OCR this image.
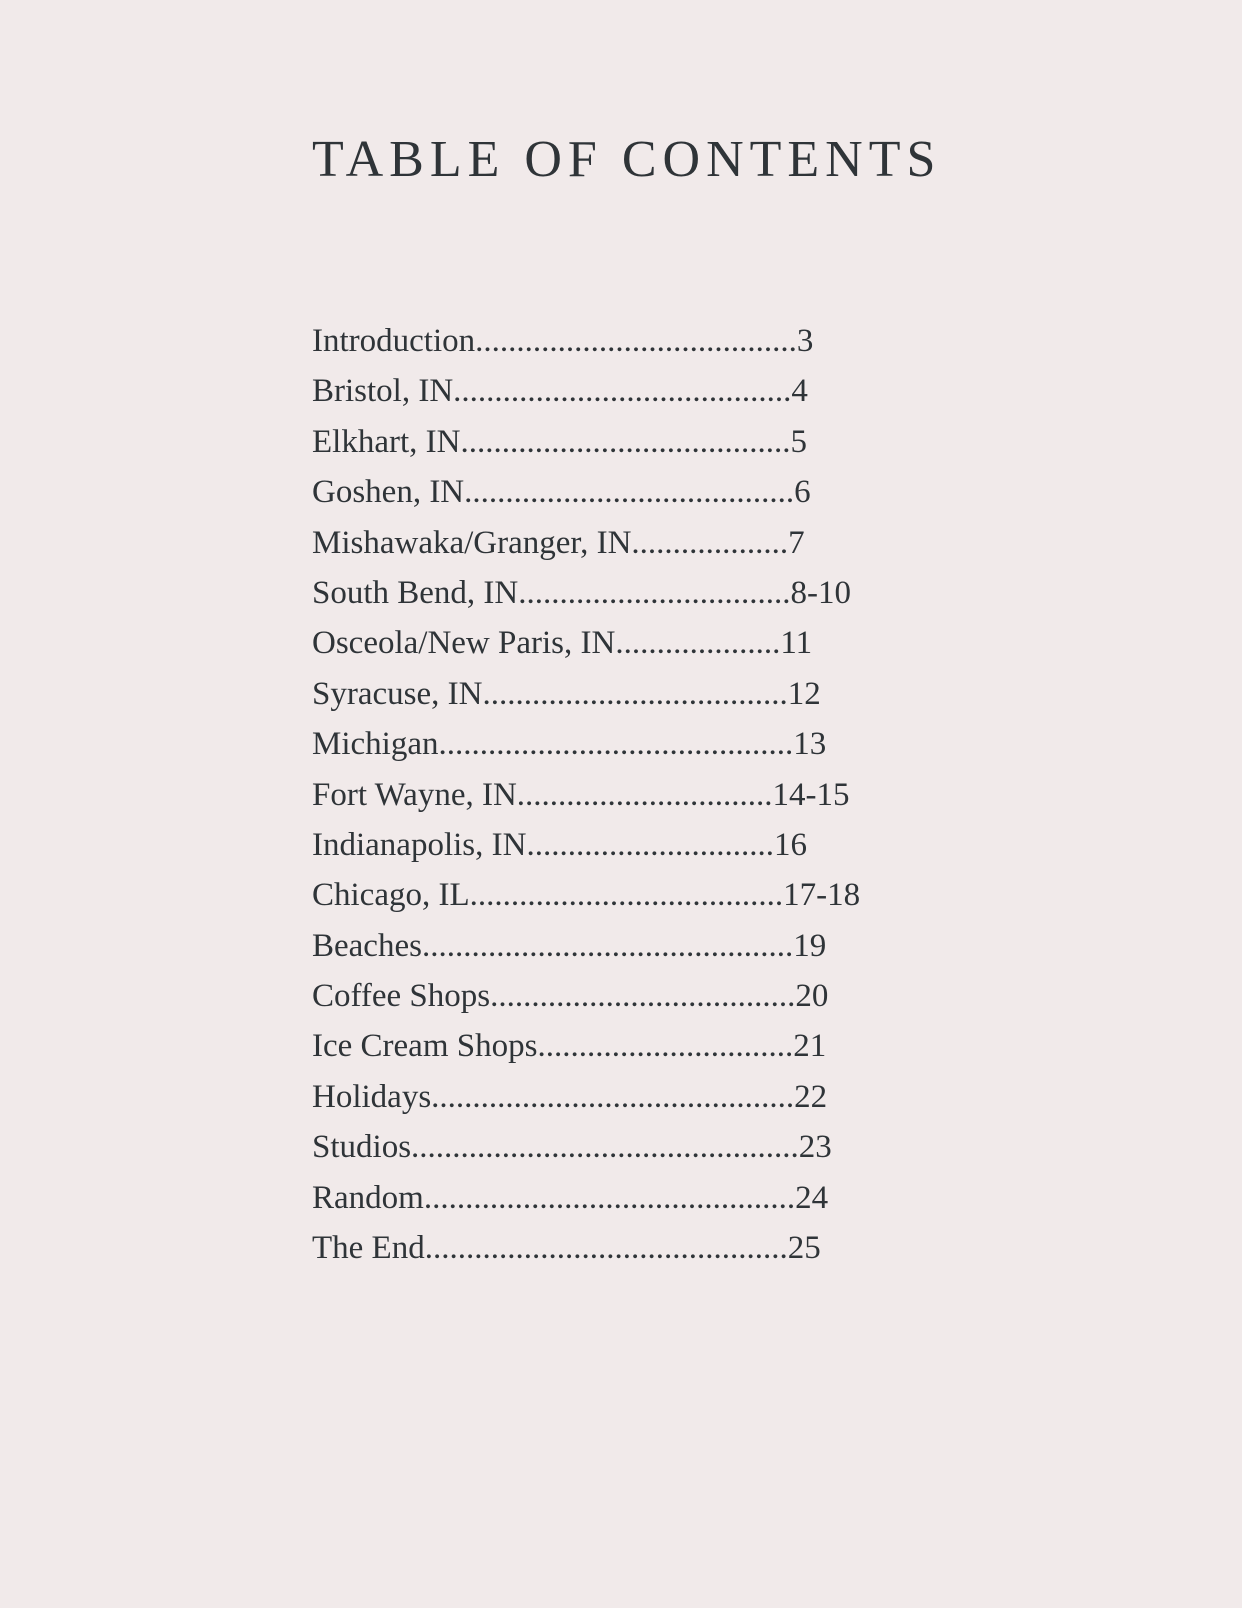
TABLE OF CONTENTS
Introduction.......................................3
Bristol, IN.........................................4
Elkhart, IN........................................5
Goshen, IN........................................6
Mishawaka/Granger, IN...................7
South Bend, IN.................................8-10
Osceola/New Paris, IN....................11
Syracuse, IN.....................................12
Michigan...........................................13
Fort Wayne, IN...............................14-15
Indianapolis, IN..............................16
Chicago, IL......................................17-18
Beaches.............................................19
Coffee Shops.....................................20
Ice Cream Shops...............................21
Holidays............................................22
Studios...............................................23
Random.............................................24
The End............................................25
